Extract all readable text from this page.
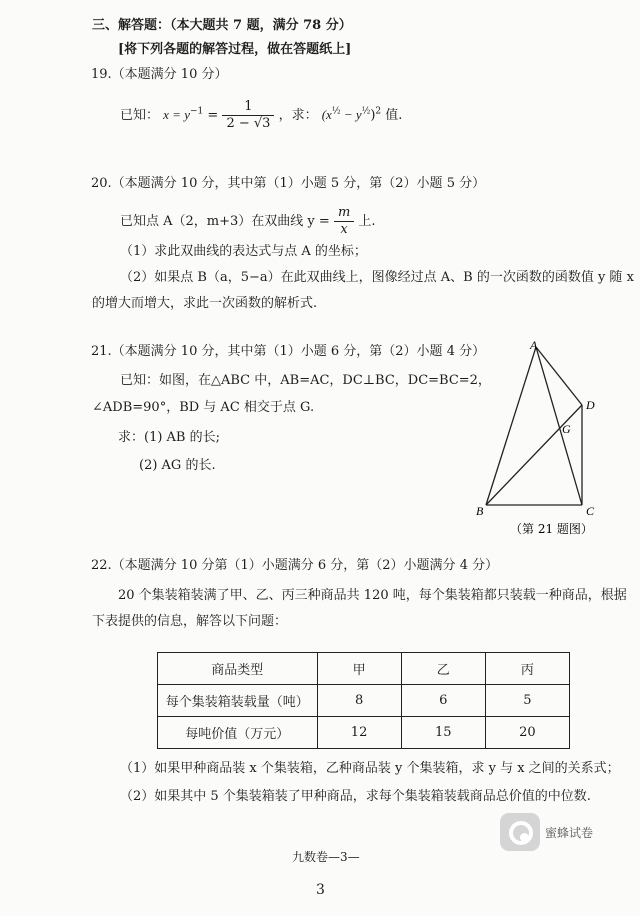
三、解答题：（本大题共 7 题，满分 78 分）
[将下列各题的解答过程，做在答题纸上]
19.（本题满分 10 分）
已知： $x = y^{-1} = \frac{1}{2 - √3}$ ，求： $(x^{\frac{1}{2}} - y^{\frac{1}{2}})^2$ 值.
20.（本题满分 10 分，其中第（1）小题 5 分，第（2）小题 5 分）
已知点 A（2，m+3）在双曲线 $y = \frac{m}{x}$ 上.
（1）求此双曲线的表达式与点 A 的坐标；
（2）如果点 B（a，5−a）在此双曲线上，图像经过点 A、B 的一次函数的函数值 y 随 x
的增大而增大，求此一次函数的解析式.
21.（本题满分 10 分，其中第（1）小题 6 分，第（2）小题 4 分）
已知：如图，在△ABC 中，AB=AC，DC⊥BC，DC=BC=2，
∠ADB=90°，BD 与 AC 相交于点 G.
求：(1) AB 的长;
(2) AG 的长.
A
B	C
D
G
（第 21 题图）
22.（本题满分 10 分第（1）小题满分 6 分，第（2）小题满分 4 分）
20 个集装箱装满了甲、乙、丙三种商品共 120 吨，每个集装箱都只装载一种商品，根据
下表提供的信息，解答以下问题：
商品类型	甲	乙	丙
每个集装箱装载量（吨）	8	6	5
每吨价值（万元）	12	15	20
（1）如果甲种商品装 x 个集装箱，乙种商品装 y 个集装箱，求 y 与 x 之间的关系式；
（2）如果其中 5 个集装箱装了甲种商品，求每个集装箱装载商品总价值的中位数.
蜜蜂试卷
九数卷—3—
3
